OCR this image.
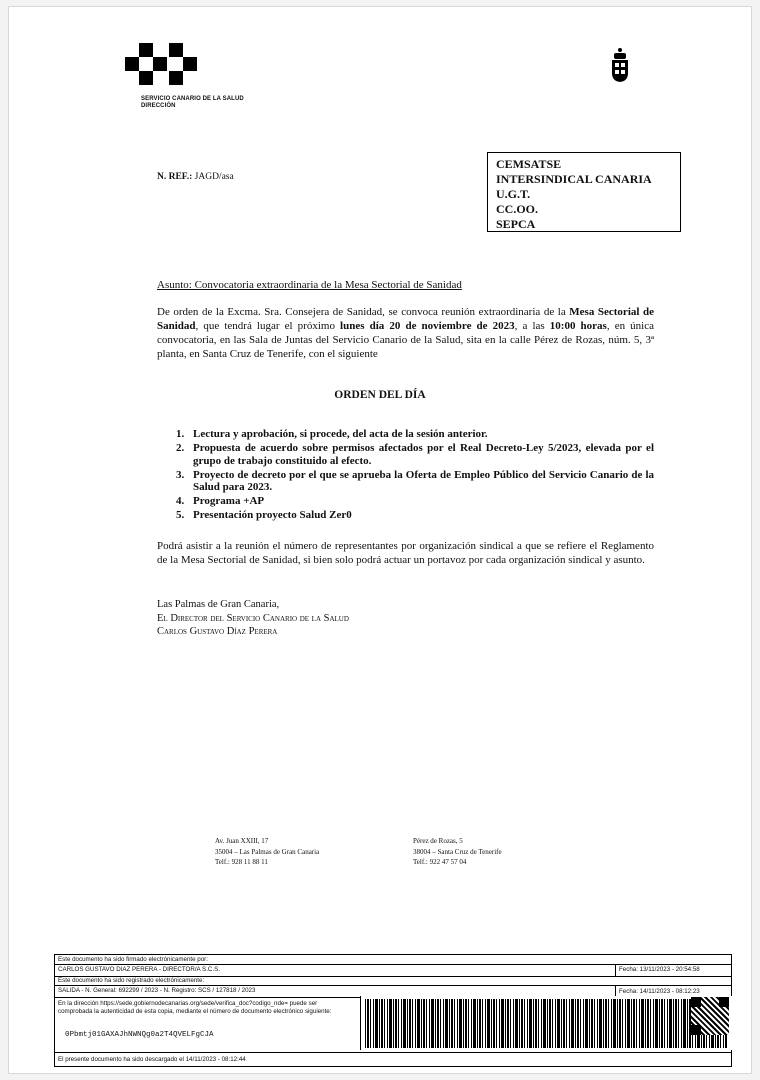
SERVICIO CANARIO DE LA SALUD
DIRECCIÓN
N. REF.: JAGD/asa
CEMSATSE
INTERSINDICAL CANARIA
U.G.T.
CC.OO.
SEPCA
Asunto: Convocatoria extraordinaria de la Mesa Sectorial de Sanidad
De orden de la Excma. Sra. Consejera de Sanidad, se convoca reunión extraordinaria de la Mesa Sectorial de Sanidad, que tendrá lugar el próximo lunes día 20 de noviembre de 2023, a las 10:00 horas, en única convocatoria, en las Sala de Juntas del Servicio Canario de la Salud, sita en la calle Pérez de Rozas, núm. 5, 3ª planta, en Santa Cruz de Tenerife, con el siguiente
ORDEN DEL DÍA
1. Lectura y aprobación, si procede, del acta de la sesión anterior.
2. Propuesta de acuerdo sobre permisos afectados por el Real Decreto-Ley 5/2023, elevada por el grupo de trabajo constituido al efecto.
3. Proyecto de decreto por el que se aprueba la Oferta de Empleo Público del Servicio Canario de la Salud para 2023.
4. Programa +AP
5. Presentación proyecto Salud Zer0
Podrá asistir a la reunión el número de representantes por organización sindical a que se refiere el Reglamento de la Mesa Sectorial de Sanidad, si bien solo podrá actuar un portavoz por cada organización sindical y asunto.
Las Palmas de Gran Canaria,
El Director del Servicio Canario de la Salud
Carlos Gustavo Díaz Perera
Av. Juan XXIII, 17
35004 – Las Palmas de Gran Canaria
Telf.: 928 11 88 11
Pérez de Rozas, 5
38004 – Santa Cruz de Tenerife
Telf.: 922 47 57 04
Este documento ha sido firmado electrónicamente por:
CARLOS GUSTAVO DIAZ PERERA - DIRECTOR/A S.C.S.	Fecha: 13/11/2023 - 20:54:58
Este documento ha sido registrado electrónicamente:
SALIDA - N. General: 692299 / 2023 - N. Registro: SCS / 127818 / 2023	Fecha: 14/11/2023 - 08:12:23
En la dirección https://sede.gobiernodecanarias.org/sede/verifica_doc?codigo_nde= puede ser comprobada la autenticidad de esta copia, mediante el número de documento electrónico siguiente:
0Pbmtj01GAXAJhNWNQg0a2T4QVELFgCJA
El presente documento ha sido descargado el 14/11/2023 - 08:12:44
